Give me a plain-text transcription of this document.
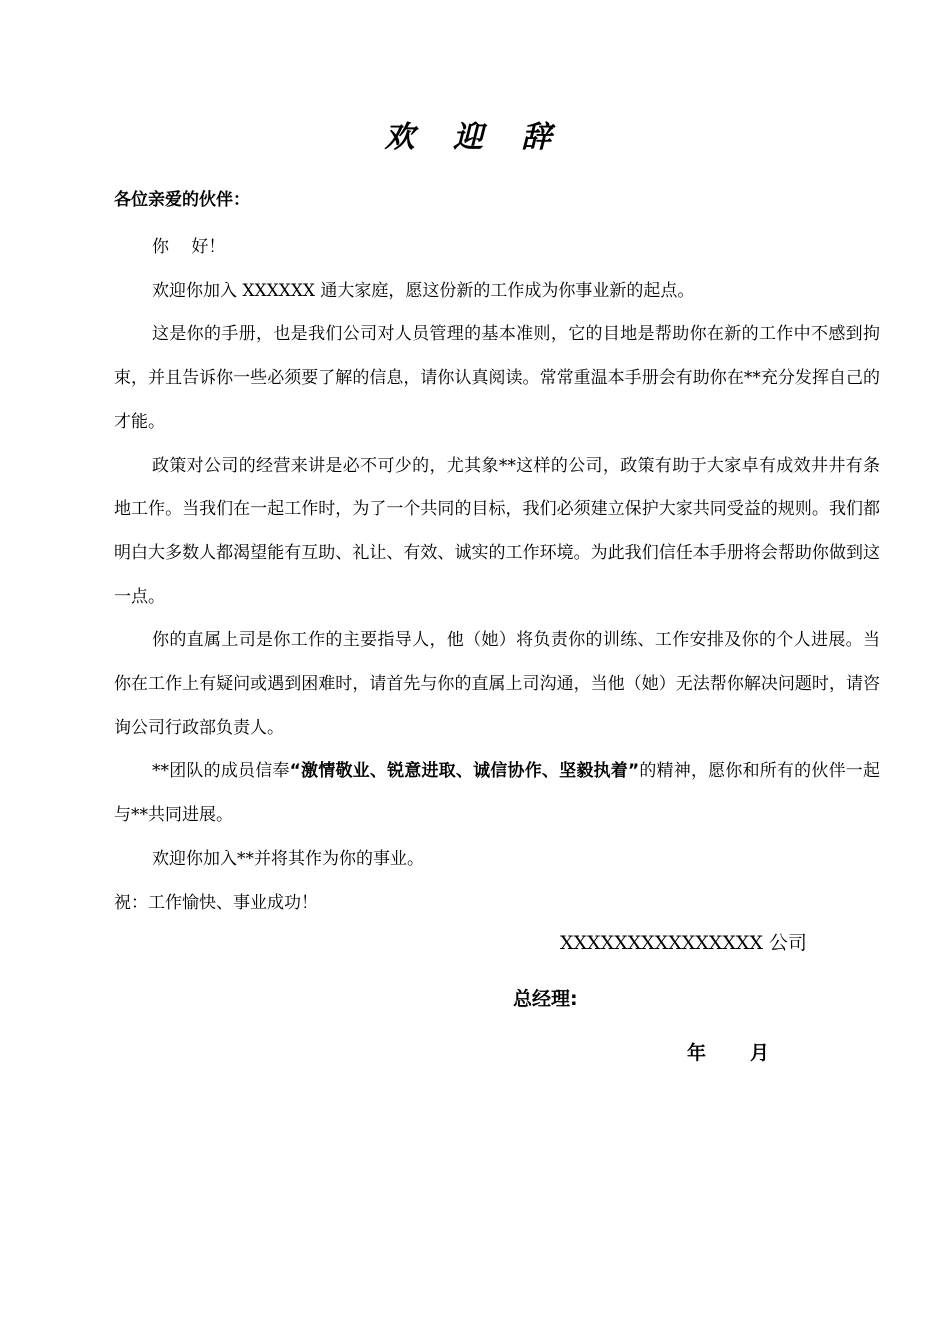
欢 迎 辞
各位亲爱的伙伴：

你　 好！

欢迎你加入 XXXXXX 通大家庭，愿这份新的工作成为你事业新的起点。

这是你的手册，也是我们公司对人员管理的基本准则，它的目地是帮助你在新的工作中不感到拘束，并且告诉你一些必须要了解的信息，请你认真阅读。常常重温本手册会有助你在**充分发挥自己的才能。

政策对公司的经营来讲是必不可少的，尤其象**这样的公司，政策有助于大家卓有成效井井有条地工作。当我们在一起工作时，为了一个共同的目标，我们必须建立保护大家共同受益的规则。我们都明白大多数人都渴望能有互助、礼让、有效、诚实的工作环境。为此我们信任本手册将会帮助你做到这一点。

你的直属上司是你工作的主要指导人，他（她）将负责你的训练、工作安排及你的个人进展。当你在工作上有疑问或遇到困难时，请首先与你的直属上司沟通，当他（她）无法帮你解决问题时，请咨询公司行政部负责人。

**团队的成员信奉“激情敬业、锐意进取、诚信协作、坚毅执着”的精神，愿你和所有的伙伴一起与**共同进展。

欢迎你加入**并将其作为你的事业。

祝：工作愉快、事业成功！

XXXXXXXXXXXXXXX 公司
总经理:
年 月
